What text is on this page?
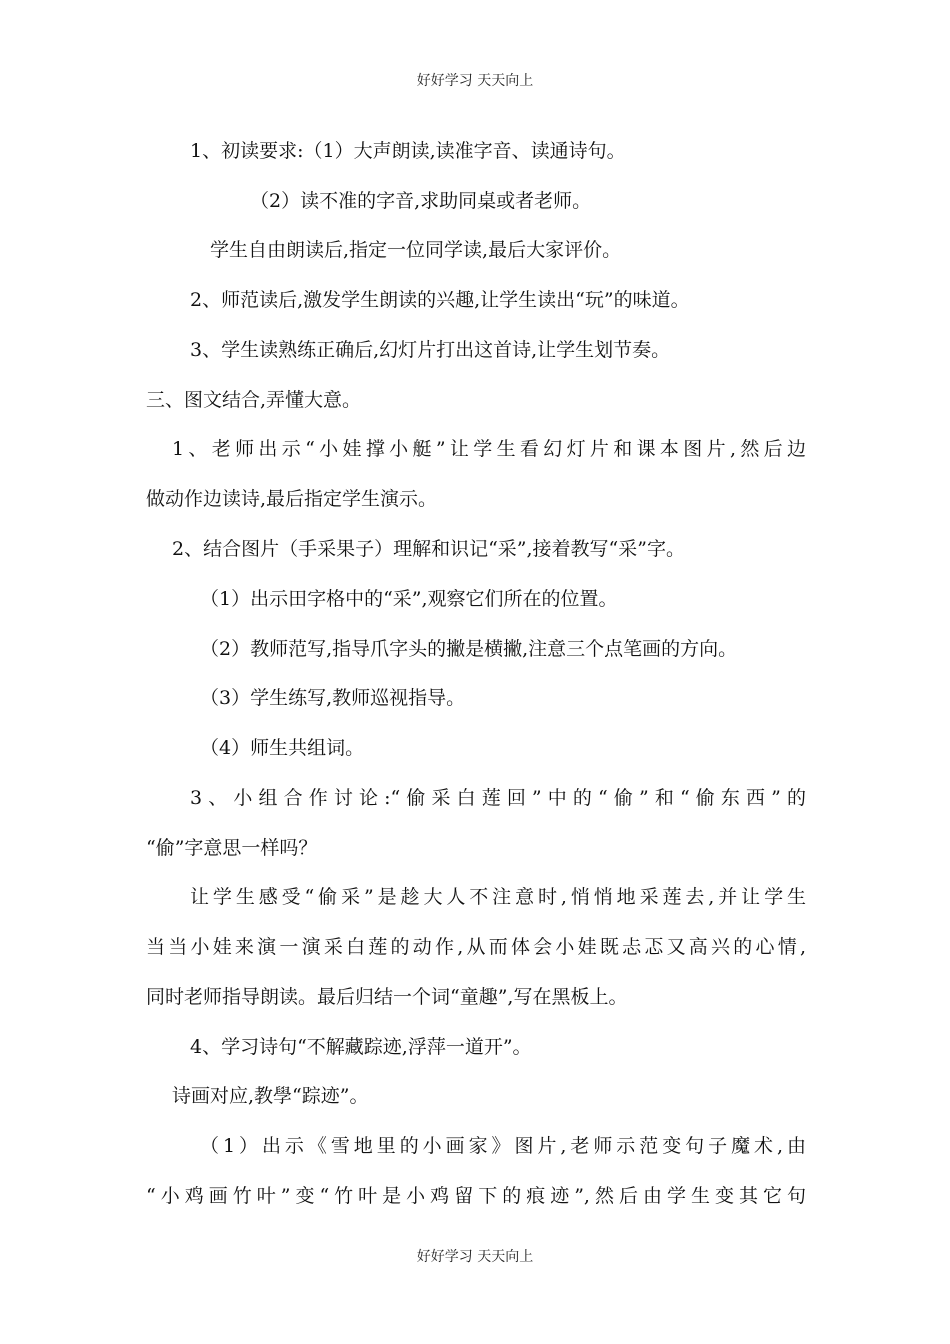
好好学习 天天向上
1、初读要求:（1）大声朗读,读准字音、读通诗句。
（2）读不准的字音,求助同桌或者老师。
学生自由朗读后,指定一位同学读,最后大家评价。
2、师范读后,激发学生朗读的兴趣,让学生读出“玩”的味道。
3、学生读熟练正确后,幻灯片打出这首诗,让学生划节奏。
三、图文结合,弄懂大意。
1、老师出示“小娃撑小艇”让学生看幻灯片和课本图片,然后边
做动作边读诗,最后指定学生演示。
2、结合图片（手采果子）理解和识记“采”,接着教写“采”字。
（1）出示田字格中的“采”,观察它们所在的位置。
（2）教师范写,指导爪字头的撇是横撇,注意三个点笔画的方向。
（3）学生练写,教师巡视指导。
（4）师生共组词。
3、小组合作讨论:“偷采白莲回”中的“偷”和“偷东西”的
“偷”字意思一样吗？
让学生感受“偷采”是趁大人不注意时,悄悄地采莲去,并让学生
当当小娃来演一演采白莲的动作,从而体会小娃既忐忑又高兴的心情,
同时老师指导朗读。最后归结一个词“童趣”,写在黑板上。
4、学习诗句“不解藏踪迹,浮萍一道开”。
诗画对应,教學“踪迹”。
（1）出示《雪地里的小画家》图片,老师示范变句子魔术,由
“小鸡画竹叶”变“竹叶是小鸡留下的痕迹”,然后由学生变其它句
好好学习 天天向上
